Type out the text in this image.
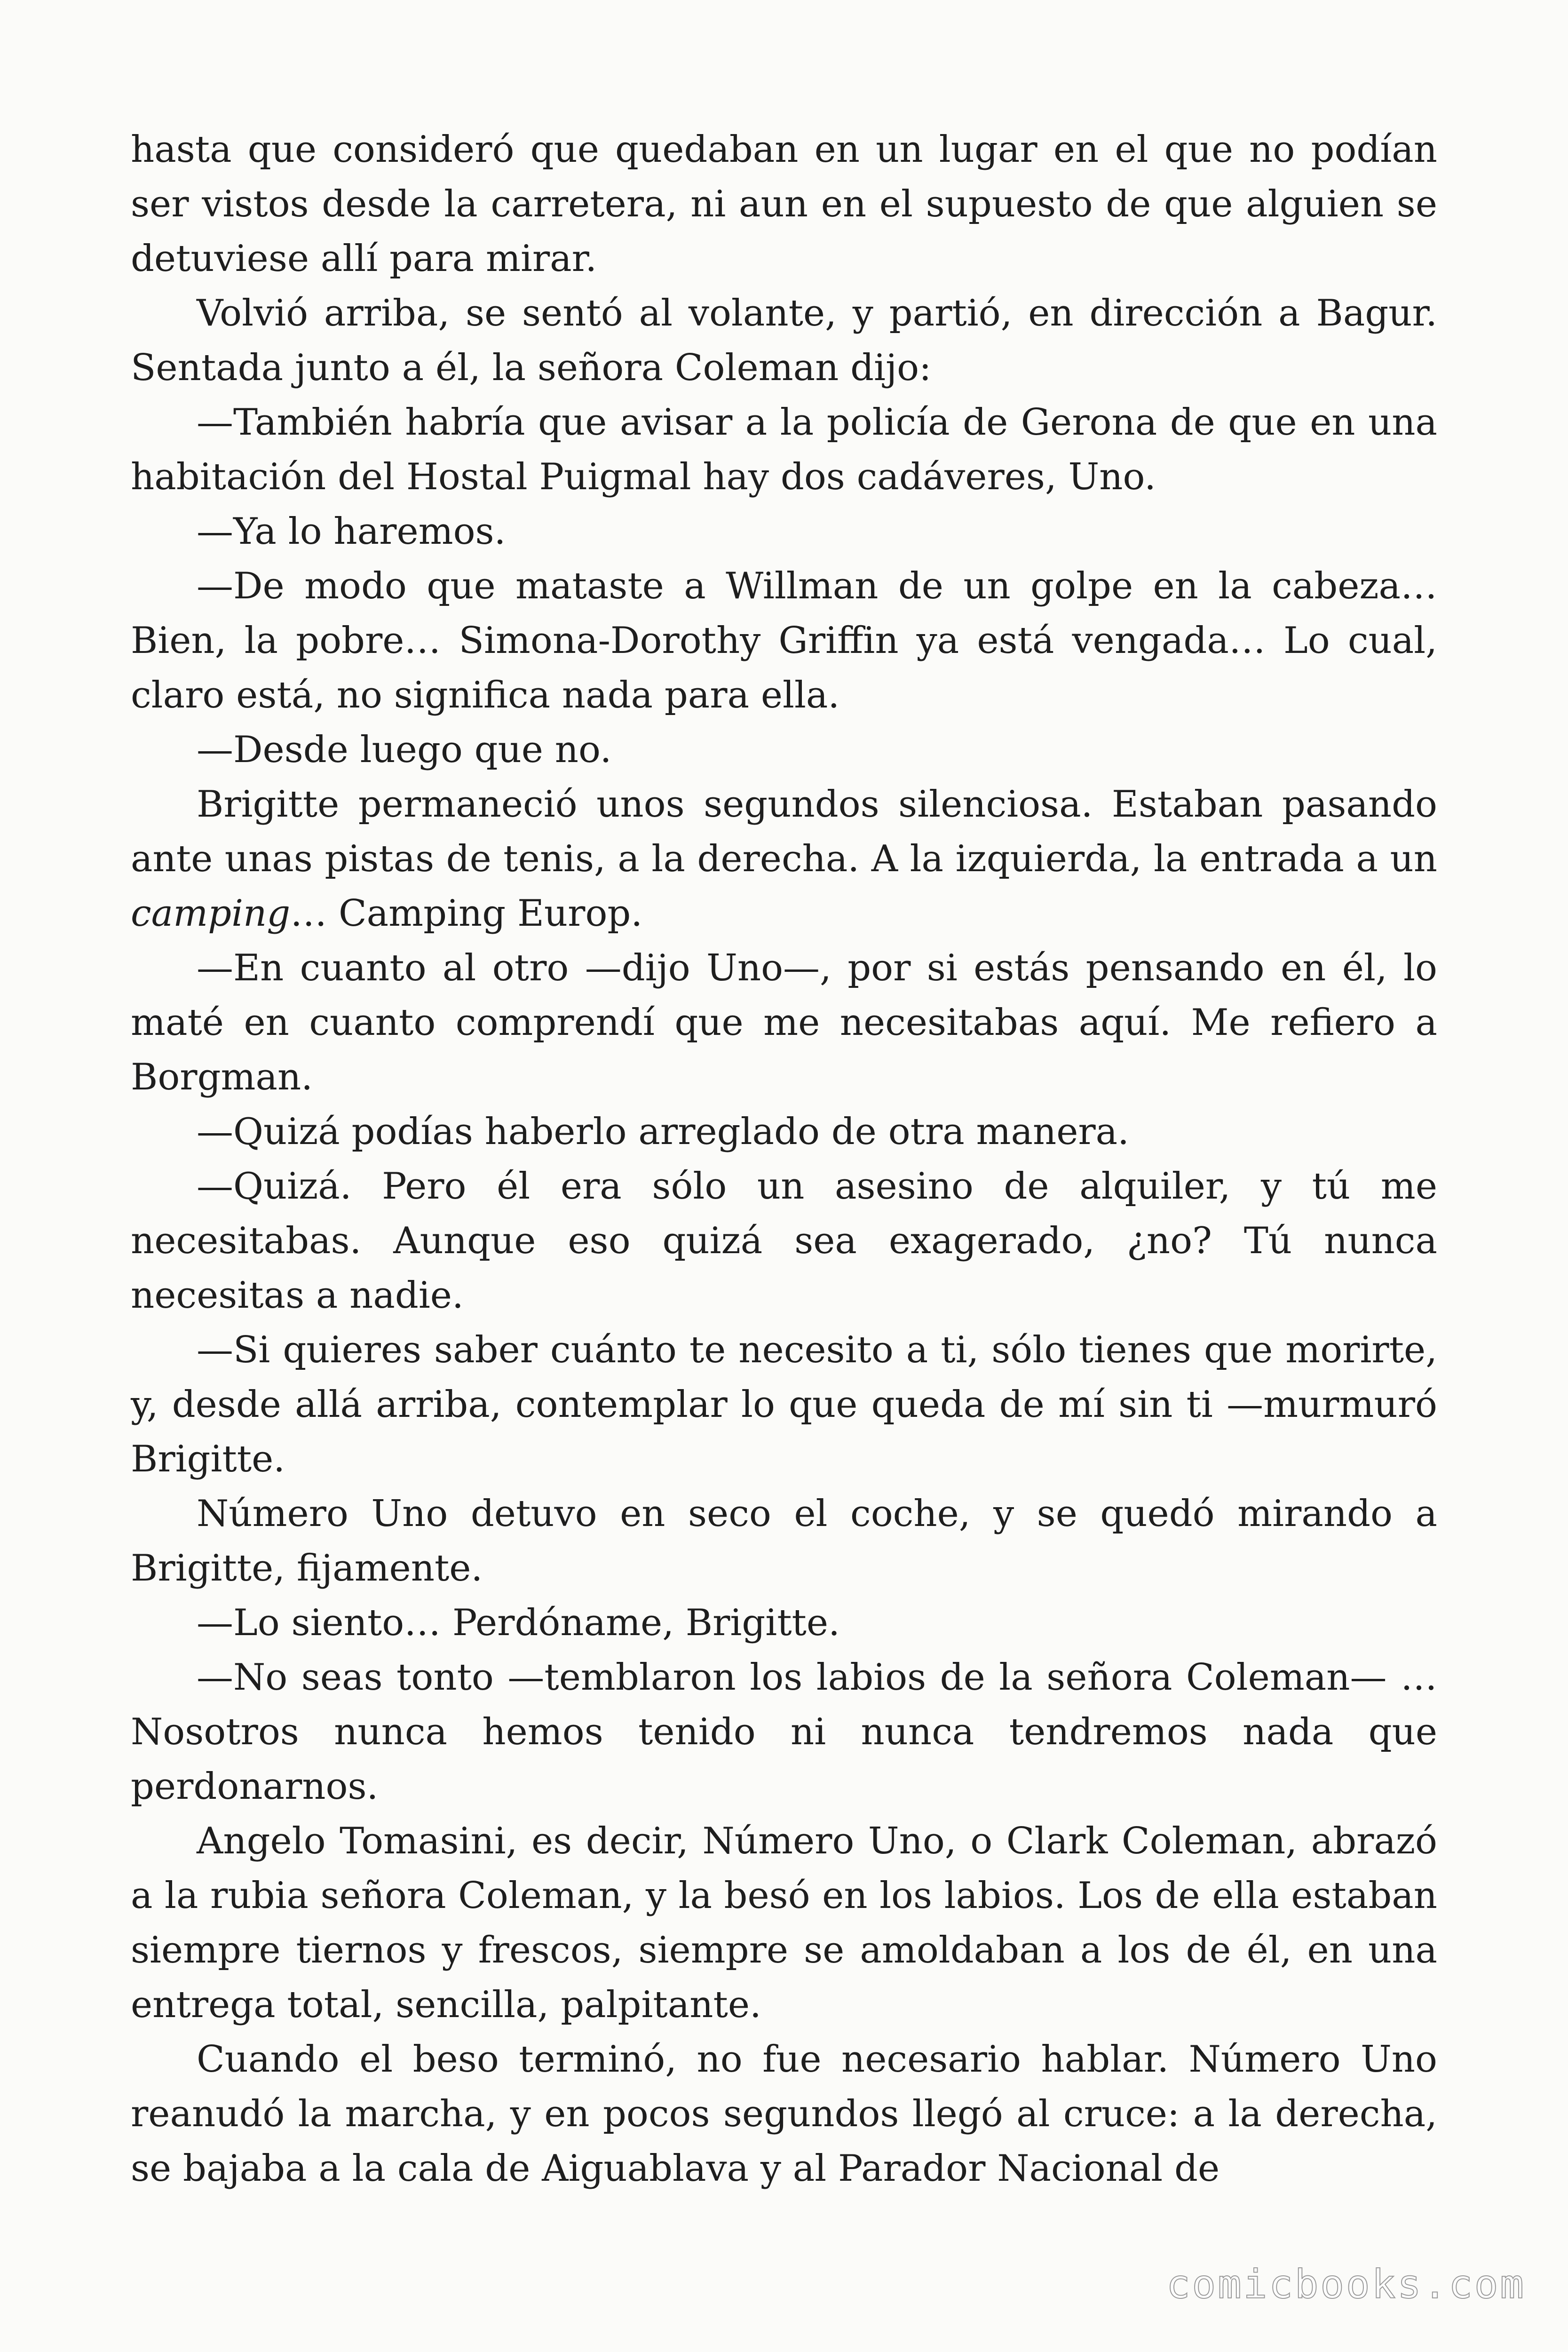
hasta que consideró que quedaban en un lugar en el que no podían ser vistos desde la carretera, ni aun en el supuesto de que alguien se detuviese allí para mirar.

Volvió arriba, se sentó al volante, y partió, en dirección a Bagur. Sentada junto a él, la señora Coleman dijo:

—También habría que avisar a la policía de Gerona de que en una habitación del Hostal Puigmal hay dos cadáveres, Uno.

—Ya lo haremos.

—De modo que mataste a Willman de un golpe en la cabeza… Bien, la pobre… Simona-Dorothy Griffin ya está vengada… Lo cual, claro está, no significa nada para ella.

—Desde luego que no.

Brigitte permaneció unos segundos silenciosa. Estaban pasando ante unas pistas de tenis, a la derecha. A la izquierda, la entrada a un camping… Camping Europ.

—En cuanto al otro —dijo Uno—, por si estás pensando en él, lo maté en cuanto comprendí que me necesitabas aquí. Me refiero a Borgman.

—Quizá podías haberlo arreglado de otra manera.

—Quizá. Pero él era sólo un asesino de alquiler, y tú me necesitabas. Aunque eso quizá sea exagerado, ¿no? Tú nunca necesitas a nadie.

—Si quieres saber cuánto te necesito a ti, sólo tienes que morirte, y, desde allá arriba, contemplar lo que queda de mí sin ti —murmuró Brigitte.

Número Uno detuvo en seco el coche, y se quedó mirando a Brigitte, fijamente.

—Lo siento… Perdóname, Brigitte.

—No seas tonto —temblaron los labios de la señora Coleman— … Nosotros nunca hemos tenido ni nunca tendremos nada que perdonarnos.

Angelo Tomasini, es decir, Número Uno, o Clark Coleman, abrazó a la rubia señora Coleman, y la besó en los labios. Los de ella estaban siempre tiernos y frescos, siempre se amoldaban a los de él, en una entrega total, sencilla, palpitante.

Cuando el beso terminó, no fue necesario hablar. Número Uno reanudó la marcha, y en pocos segundos llegó al cruce: a la derecha, se bajaba a la cala de Aiguablava y al Parador Nacional de

comicbooks.com
